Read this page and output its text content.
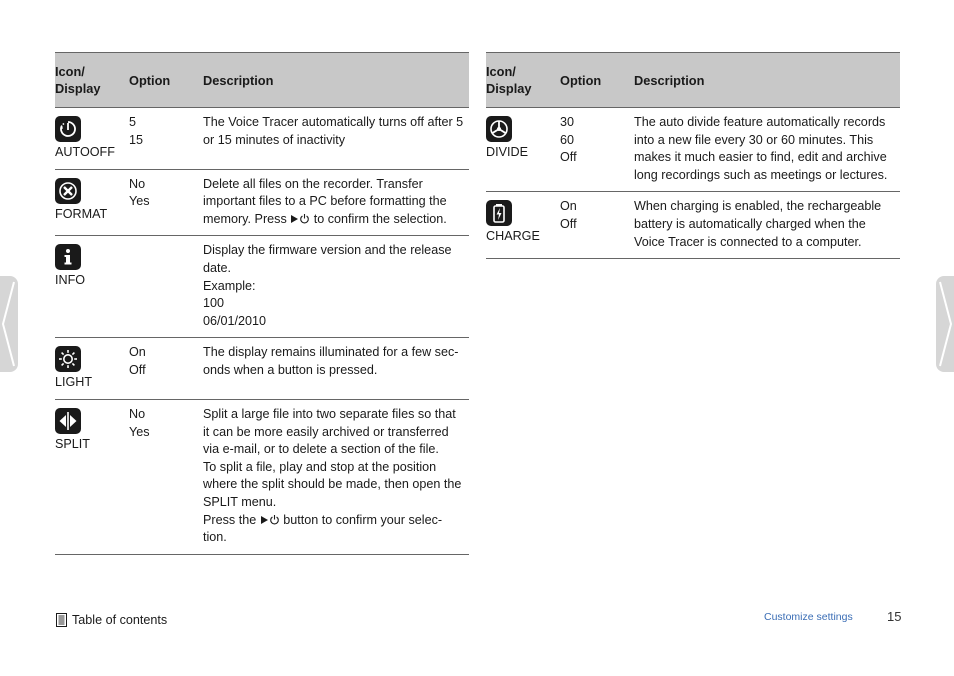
Icon/ Display	Option	Description

AUTOOFF	5
15	The Voice Tracer automatically turns off after 5 or 15 minutes of inactivity

FORMAT	No
Yes	Delete all files on the recorder. Transfer important files to a PC before formatting the memory. Press to confirm the selection.

INFO		Display the firmware version and the release date.
Example:
100
06/01/2010

LIGHT	On
Off	The display remains illuminated for a few sec-onds when a button is pressed.

SPLIT	No
Yes	Split a large file into two separate files so that it can be more easily archived or transferred via e-mail, or to delete a section of the file.
To split a file, play and stop at the position where the split should be made, then open the SPLIT menu.
Press the button to confirm your selec-tion.
Icon/ Display	Option	Description

DIVIDE	30
60
Off	The auto divide feature automatically records into a new file every 30 or 60 minutes. This makes it much easier to find, edit and archive long recordings such as meetings or lectures.

CHARGE	On
Off	When charging is enabled, the rechargeable battery is automatically charged when the Voice Tracer is connected to a computer.
Table of contents	Customize settings	15
